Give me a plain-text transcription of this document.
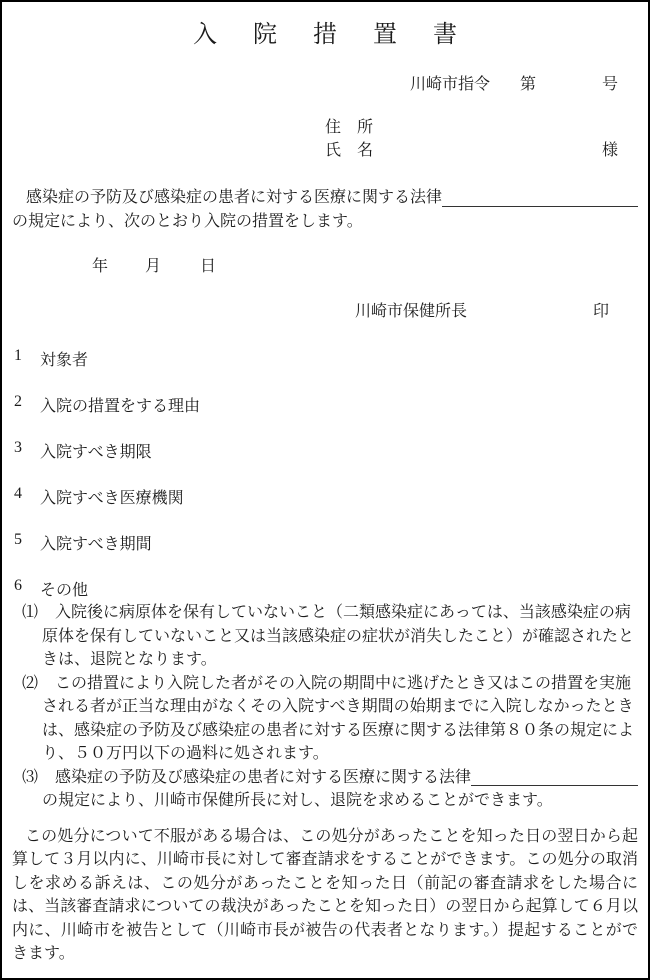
入　院　措　置　書
川崎市指令 第	号
住　所
氏　名	様
感染症の予防及び感染症の患者に対する医療に関する法律
の規定により、次のとおり入院の措置をします。
年 月 日
川崎市保健所長	印
1 対象者
2 入院の措置をする理由
3 入院すべき期限
4 入院すべき医療機関
5 入院すべき期間
6 その他
⑴ 入院後に病原体を保有していないこと（二類感染症にあっては、当該感染症の病原体を保有していないこと又は当該感染症の症状が消失したこと）が確認されたときは、退院となります。
⑵ この措置により入院した者がその入院の期間中に逃げたとき又はこの措置を実施される者が正当な理由がなくその入院すべき期間の始期までに入院しなかったときは、感染症の予防及び感染症の患者に対する医療に関する法律第８０条の規定により、５０万円以下の過料に処されます。
⑶ 感染症の予防及び感染症の患者に対する医療に関する法律
の規定により、川崎市保健所長に対し、退院を求めることができます。
この処分について不服がある場合は、この処分があったことを知った日の翌日から起算して３月以内に、川崎市長に対して審査請求をすることができます。この処分の取消しを求める訴えは、この処分があったことを知った日（前記の審査請求をした場合には、当該審査請求についての裁決があったことを知った日）の翌日から起算して６月以内に、川崎市を被告として（川崎市長が被告の代表者となります。）提起することができます。
